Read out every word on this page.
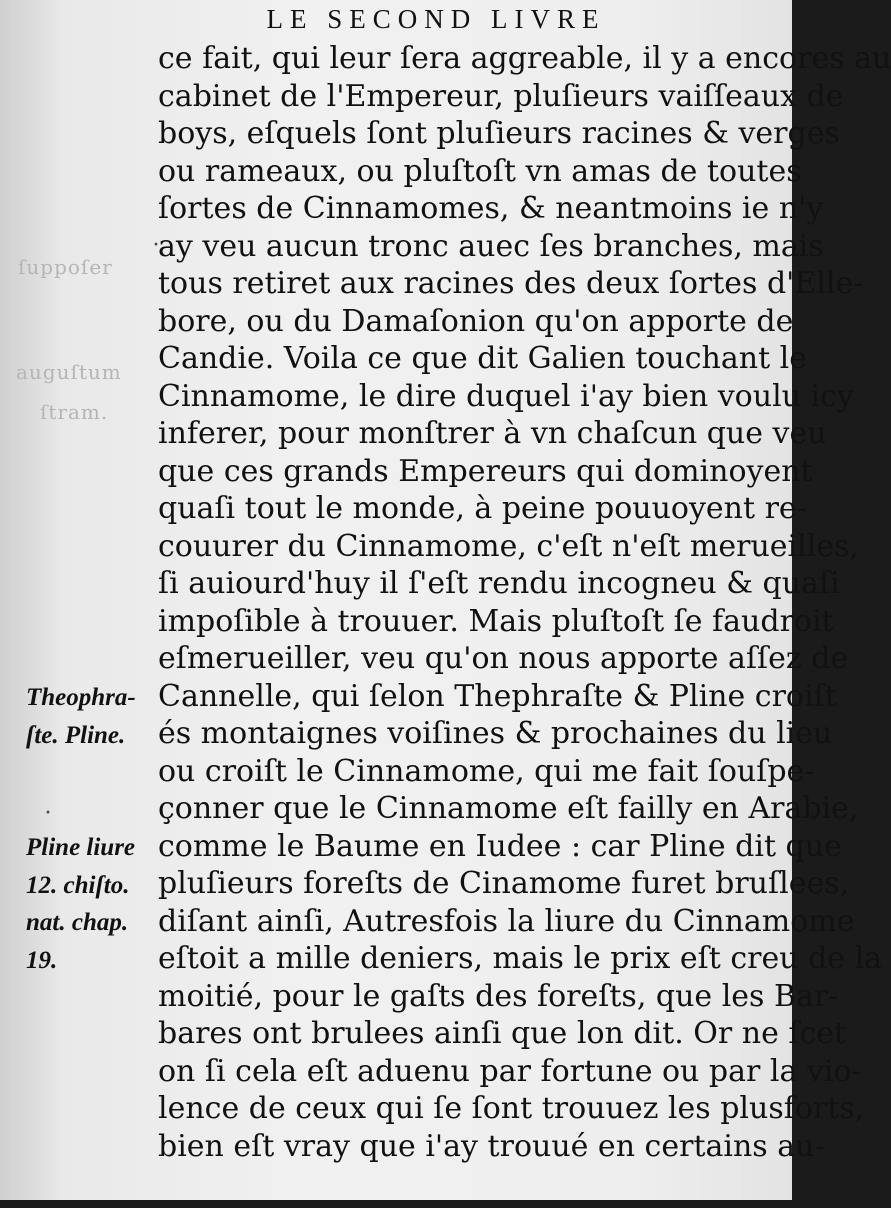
ſuppoſer
auguſtum
ſtram.
LE SECOND LIVRE
ce fait, qui leur ſera aggreable, il y a encores au
cabinet de l'Empereur, pluſieurs vaiſſeaux de
boys, eſquels ſont pluſieurs racines & verges
ou rameaux, ou pluſtoſt vn amas de toutes
ſortes de Cinnamomes, & neantmoins ie n'y
ay veu aucun tronc auec ſes branches, mais
tous retiret aux racines des deux ſortes d'Elle-
bore, ou du Damaſonion qu'on apporte de
Candie. Voila ce que dit Galien touchant le
Cinnamome, le dire duquel i'ay bien voulu icy
inferer, pour monſtrer à vn chaſcun que veu
que ces grands Empereurs qui dominoyent
quaſi tout le monde, à peine pouuoyent re-
couurer du Cinnamome, c'eſt n'eſt merueilles,
ſi auiourd'huy il ſ'eſt rendu incogneu & quaſi
impoſible à trouuer. Mais pluſtoſt ſe faudroit
eſmerueiller, veu qu'on nous apporte aſſez de
Cannelle, qui ſelon Thephraſte & Pline croiſt
és montaignes voiſines & prochaines du lieu
ou croiſt le Cinnamome, qui me fait ſouſpe-
çonner que le Cinnamome eſt failly en Arabie,
comme le Baume en Iudee : car Pline dit que
pluſieurs foreſts de Cinamome furet bruſlees,
diſant ainſi, Autresfois la liure du Cinnamome
eſtoit a mille deniers, mais le prix eſt creu de la
moitié, pour le gaſts des foreſts, que les Bar-
bares ont brulees ainſi que lon dit. Or ne ſcet
on ſi cela eſt aduenu par fortune ou par la vio-
lence de ceux qui ſe ſont trouuez les plusforts,
bien eſt vray que i'ay trouué en certains au-
Theophra-
ſte. Pline.

Pline liure
12. chiſto.
nat. chap.
19.
·
·
